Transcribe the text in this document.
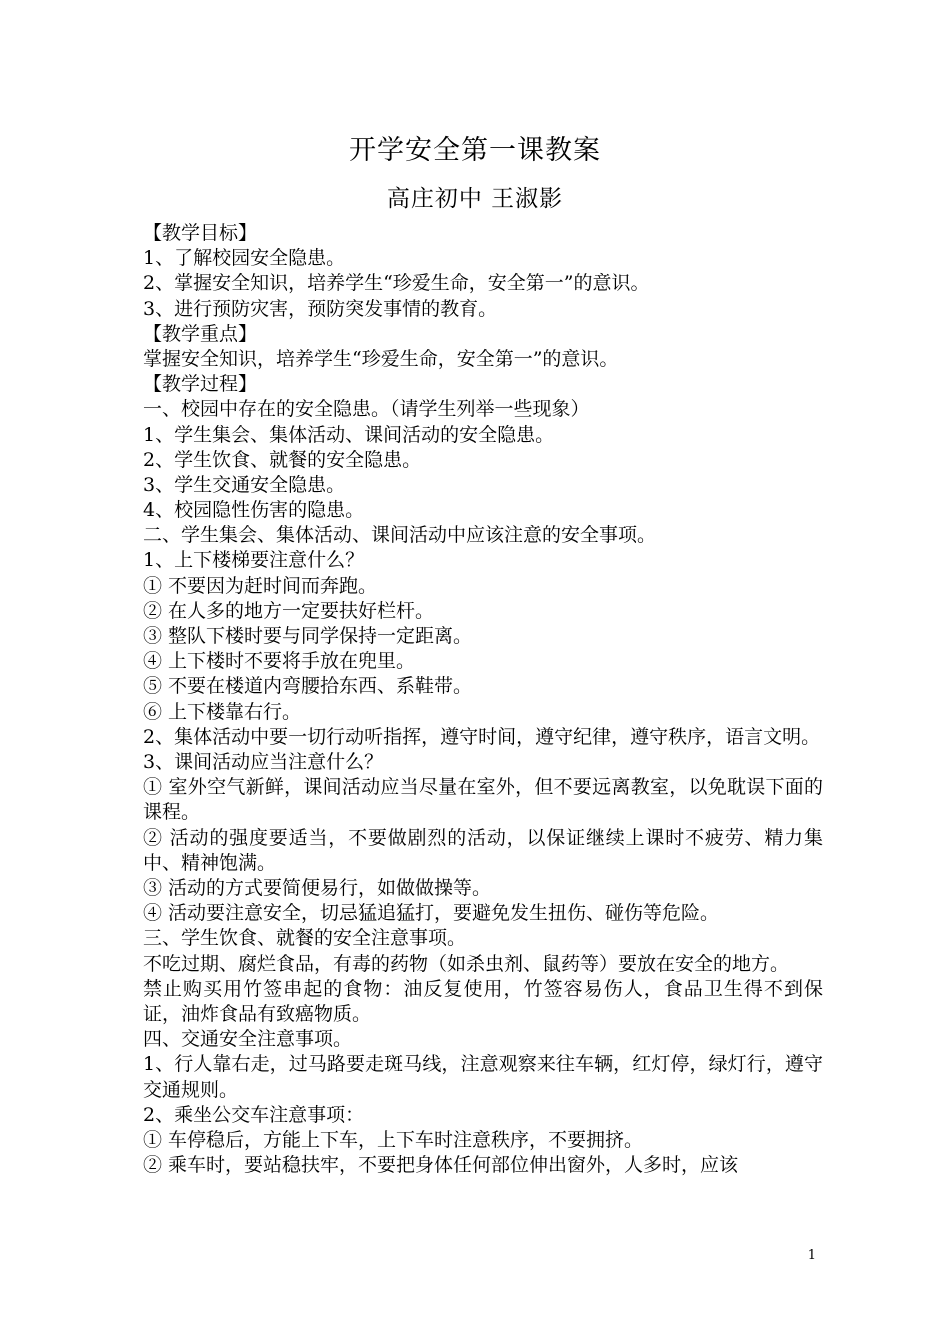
开学安全第一课教案
高庄初中 王淑影
【教学目标】
1、了解校园安全隐患。
2、掌握安全知识，培养学生“珍爱生命，安全第一”的意识。
3、进行预防灾害，预防突发事情的教育。
【教学重点】
掌握安全知识，培养学生“珍爱生命，安全第一”的意识。
【教学过程】
一、校园中存在的安全隐患。（请学生列举一些现象）
1、学生集会、集体活动、课间活动的安全隐患。
2、学生饮食、就餐的安全隐患。
3、学生交通安全隐患。
4、校园隐性伤害的隐患。
二、学生集会、集体活动、课间活动中应该注意的安全事项。
1、上下楼梯要注意什么？
① 不要因为赶时间而奔跑。
② 在人多的地方一定要扶好栏杆。
③ 整队下楼时要与同学保持一定距离。
④ 上下楼时不要将手放在兜里。
⑤ 不要在楼道内弯腰拾东西、系鞋带。
⑥ 上下楼靠右行。
2、集体活动中要一切行动听指挥，遵守时间，遵守纪律，遵守秩序，语言文明。
3、课间活动应当注意什么？
① 室外空气新鲜，课间活动应当尽量在室外，但不要远离教室，以免耽误下面的课程。
② 活动的强度要适当，不要做剧烈的活动，以保证继续上课时不疲劳、精力集中、精神饱满。
③ 活动的方式要简便易行，如做做操等。
④ 活动要注意安全，切忌猛追猛打，要避免发生扭伤、碰伤等危险。
三、学生饮食、就餐的安全注意事项。
不吃过期、腐烂食品，有毒的药物（如杀虫剂、鼠药等）要放在安全的地方。
禁止购买用竹签串起的食物：油反复使用，竹签容易伤人，食品卫生得不到保证，油炸食品有致癌物质。
四、交通安全注意事项。
1、行人靠右走，过马路要走斑马线，注意观察来往车辆，红灯停，绿灯行，遵守交通规则。
2、乘坐公交车注意事项：
① 车停稳后，方能上下车，上下车时注意秩序，不要拥挤。
② 乘车时，要站稳扶牢，不要把身体任何部位伸出窗外，人多时，应该
1
